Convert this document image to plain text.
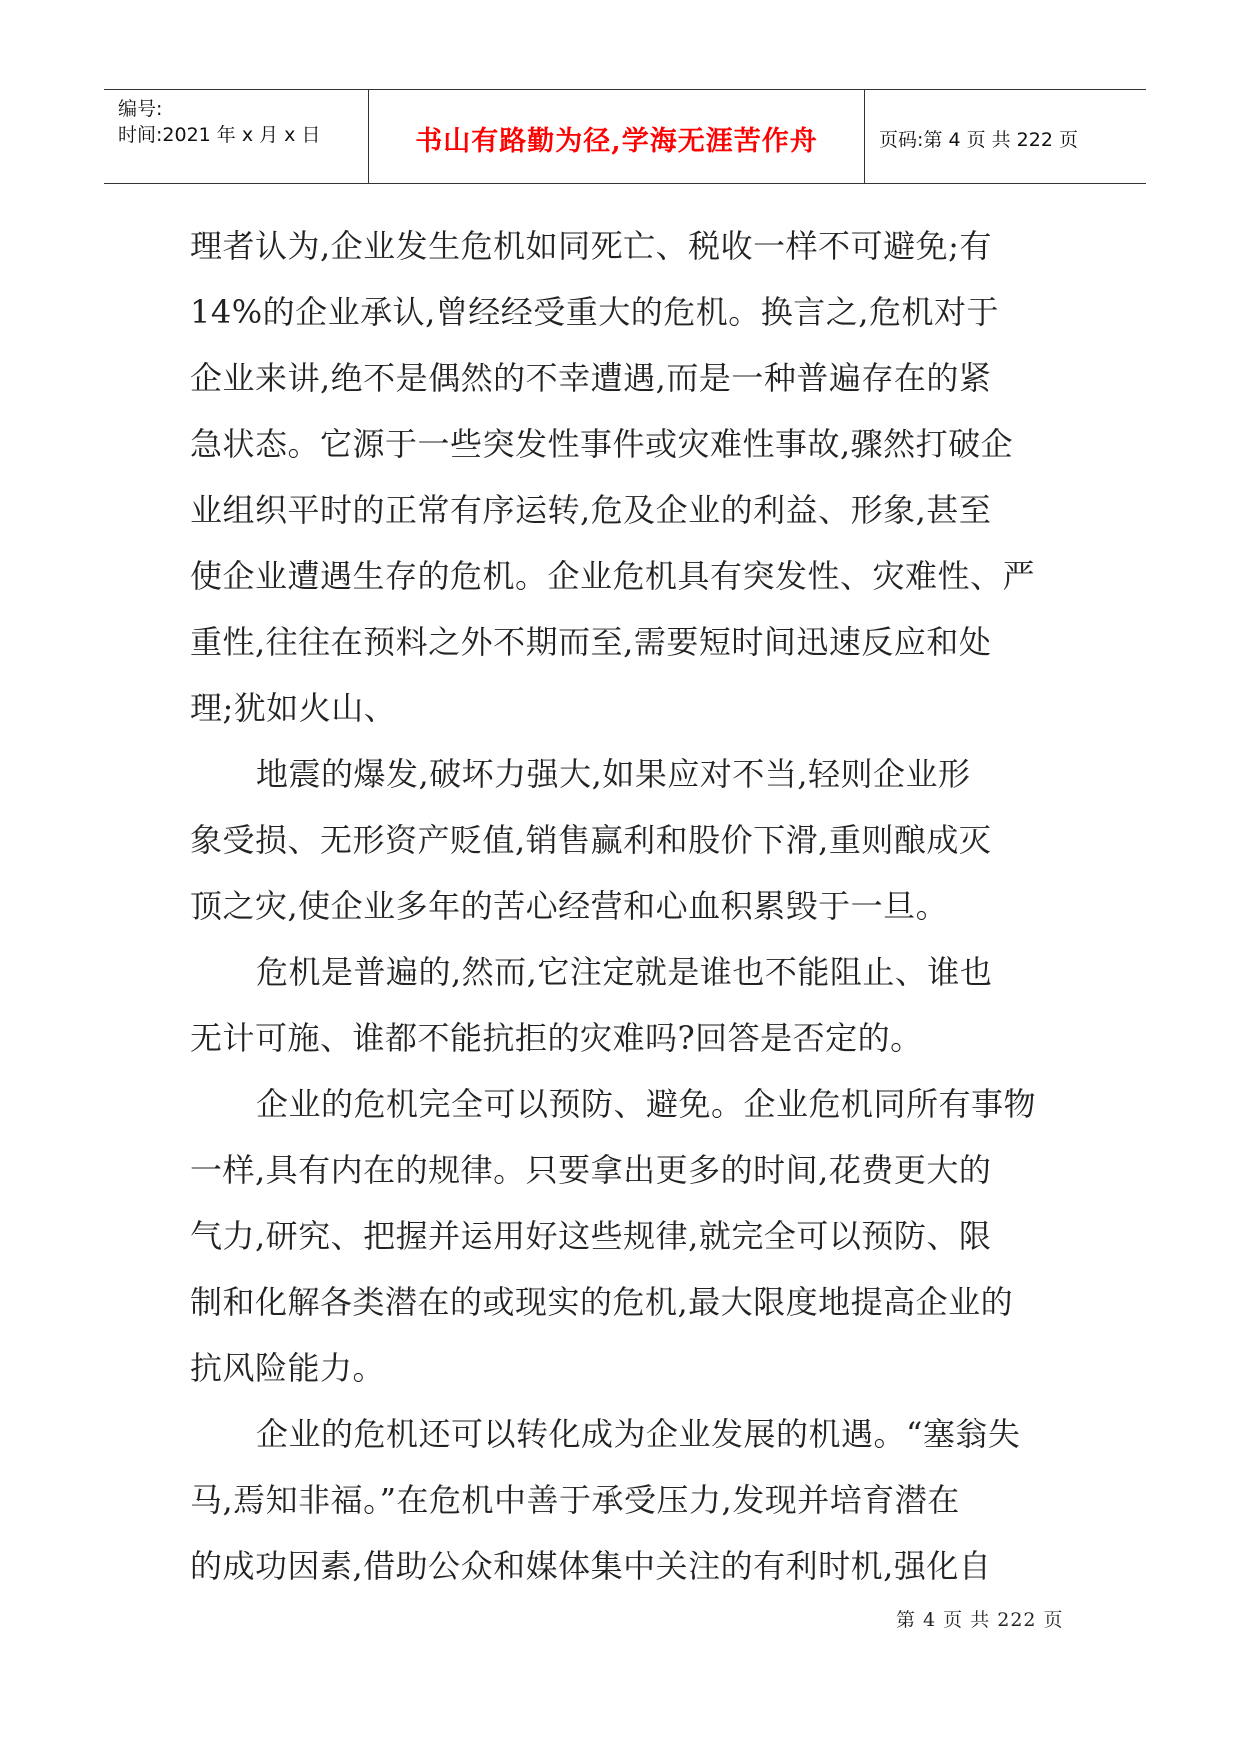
编号:
时间:2021 年 x 月 x 日	书山有路勤为径,学海无涯苦作舟	页码:第 4 页 共 222 页
理者认为,企业发生危机如同死亡、税收一样不可避免;有
14%的企业承认,曾经经受重大的危机。换言之,危机对于
企业来讲,绝不是偶然的不幸遭遇,而是一种普遍存在的紧
急状态。它源于一些突发性事件或灾难性事故,骤然打破企
业组织平时的正常有序运转,危及企业的利益、形象,甚至
使企业遭遇生存的危机。企业危机具有突发性、灾难性、严
重性,往往在预料之外不期而至,需要短时间迅速反应和处
理;犹如火山、
地震的爆发,破坏力强大,如果应对不当,轻则企业形
象受损、无形资产贬值,销售赢利和股价下滑,重则酿成灭
顶之灾,使企业多年的苦心经营和心血积累毁于一旦。
危机是普遍的,然而,它注定就是谁也不能阻止、谁也
无计可施、谁都不能抗拒的灾难吗?回答是否定的。
企业的危机完全可以预防、避免。企业危机同所有事物
一样,具有内在的规律。只要拿出更多的时间,花费更大的
气力,研究、把握并运用好这些规律,就完全可以预防、限
制和化解各类潜在的或现实的危机,最大限度地提高企业的
抗风险能力。
企业的危机还可以转化成为企业发展的机遇。“塞翁失
马,焉知非福。”在危机中善于承受压力,发现并培育潜在
的成功因素,借助公众和媒体集中关注的有利时机,强化自
第 4 页 共 222 页
